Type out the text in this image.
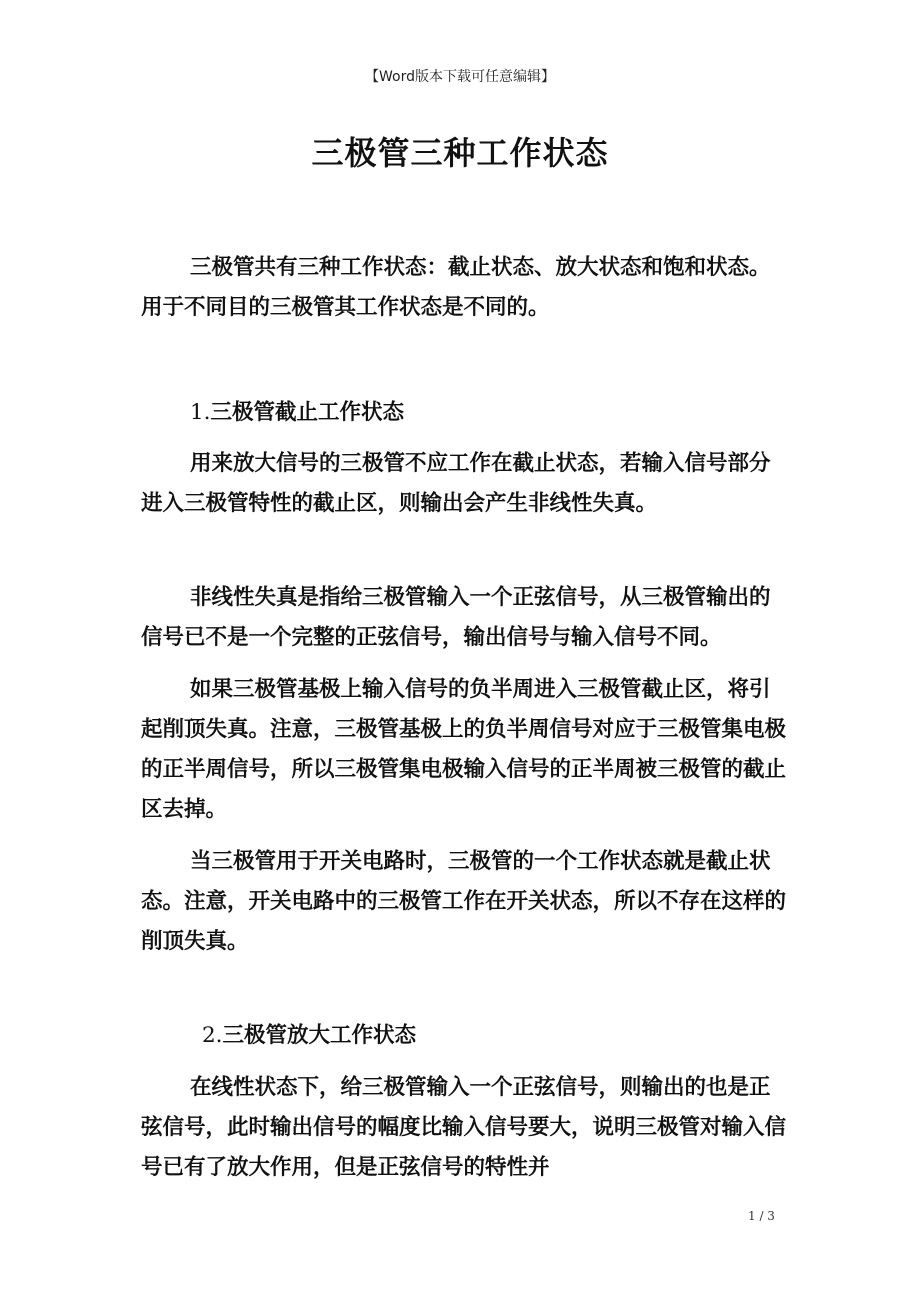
【Word版本下载可任意编辑】
三极管三种工作状态

三极管共有三种工作状态：截止状态、放大状态和饱和状态。用于不同目的三极管其工作状态是不同的。

1.三极管截止工作状态

用来放大信号的三极管不应工作在截止状态，若输入信号部分进入三极管特性的截止区，则输出会产生非线性失真。

非线性失真是指给三极管输入一个正弦信号，从三极管输出的信号已不是一个完整的正弦信号，输出信号与输入信号不同。

如果三极管基极上输入信号的负半周进入三极管截止区，将引起削顶失真。注意，三极管基极上的负半周信号对应于三极管集电极的正半周信号，所以三极管集电极输入信号的正半周被三极管的截止区去掉。

当三极管用于开关电路时，三极管的一个工作状态就是截止状态。注意，开关电路中的三极管工作在开关状态，所以不存在这样的削顶失真。

2.三极管放大工作状态

在线性状态下，给三极管输入一个正弦信号，则输出的也是正弦信号，此时输出信号的幅度比输入信号要大，说明三极管对输入信号已有了放大作用，但是正弦信号的特性并

1 / 3
